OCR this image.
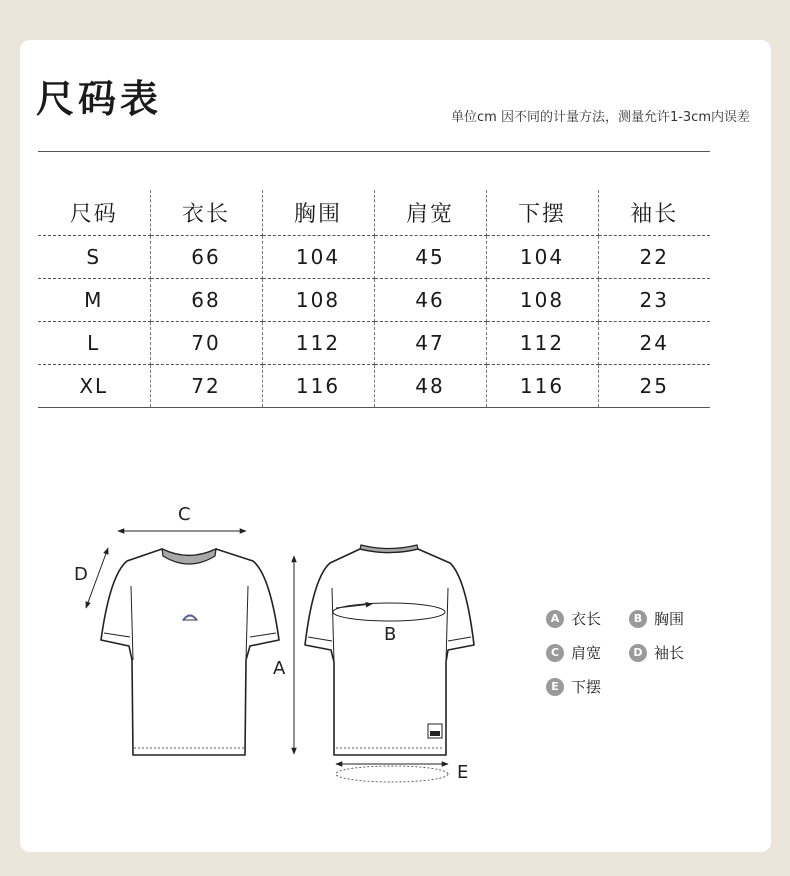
尺码表	单位cm 因不同的计量方法，测量允许1-3cm内误差
尺码	衣长	胸围	肩宽	下摆	袖长
S	66	104	45	104	22
M	68	108	46	108	23
L	70	112	47	112	24
XL	72	116	48	116	25
C
D
A
B
E
A 衣长	B 胸围
C 肩宽	D 袖长
E 下摆
